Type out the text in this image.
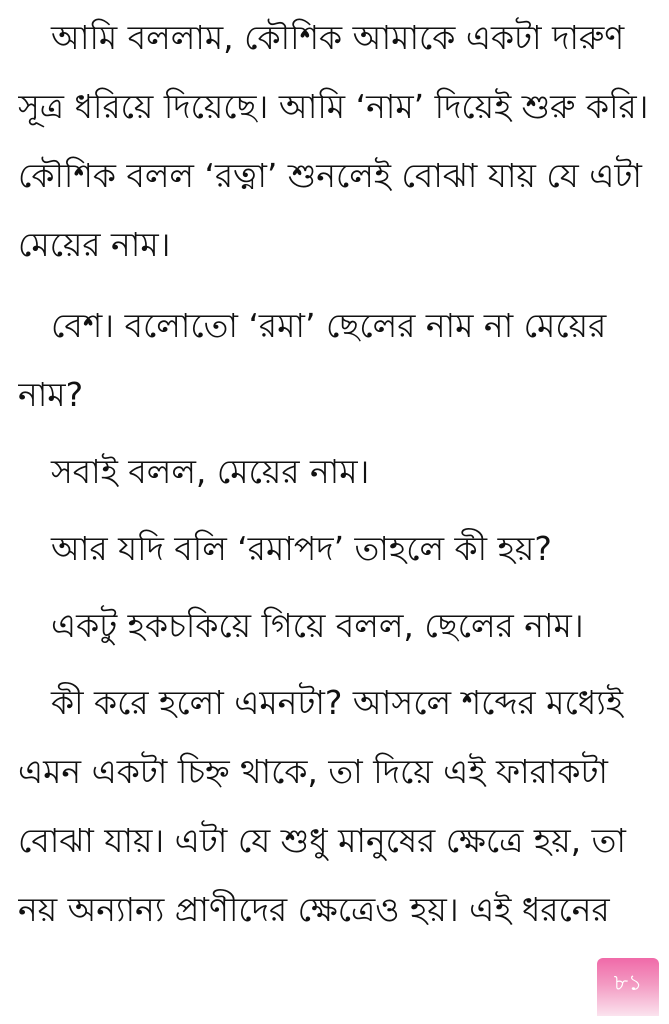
আমি বললাম, কৌশিক আমাকে একটা দারুণ
সূত্র ধরিয়ে দিয়েছে। আমি ‘নাম’ দিয়েই শুরু করি।
কৌশিক বলল ‘রত্না’ শুনলেই বোঝা যায় যে এটা
মেয়ের নাম।
বেশ। বলোতো ‘রমা’ ছেলের নাম না মেয়ের
নাম?
সবাই বলল, মেয়ের নাম।
আর যদি বলি ‘রমাপদ’ তাহলে কী হয়?
একটু হকচকিয়ে গিয়ে বলল, ছেলের নাম।
কী করে হলো এমনটা? আসলে শব্দের মধ্যেই
এমন একটা চিহ্ন থাকে, তা দিয়ে এই ফারাকটা
বোঝা যায়। এটা যে শুধু মানুষের ক্ষেত্রে হয়, তা
নয় অন্যান্য প্রাণীদের ক্ষেত্রেও হয়। এই ধরনের
৮১
